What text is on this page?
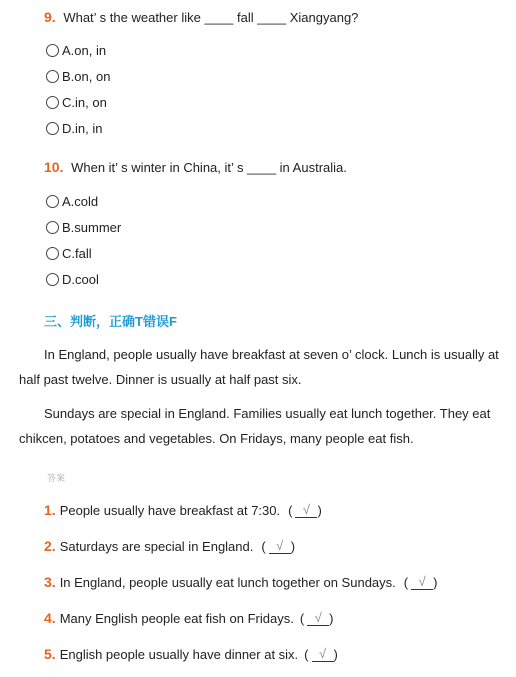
9. What’ s the weather like ____ fall ____ Xiangyang?
A.on, in
B.on, on
C.in, on
D.in, in
10. When it’ s winter in China, it’ s ____ in Australia.
A.cold
B.summer
C.fall
D.cool
三、判断，正确T错误F
In England, people usually have breakfast at seven o’ clock. Lunch is usually at half past twelve. Dinner is usually at half past six.
Sundays are special in England. Families usually eat lunch together. They eat chikcen, potatoes and vegetables. On Fridays, many people eat fish.
答案
1. People usually have breakfast at 7:30. ( √ )
2. Saturdays are special in England. ( √ )
3. In England, people usually eat lunch together on Sundays. ( √ )
4. Many English people eat fish on Fridays. ( √ )
5. English people usually have dinner at six. ( √ )
